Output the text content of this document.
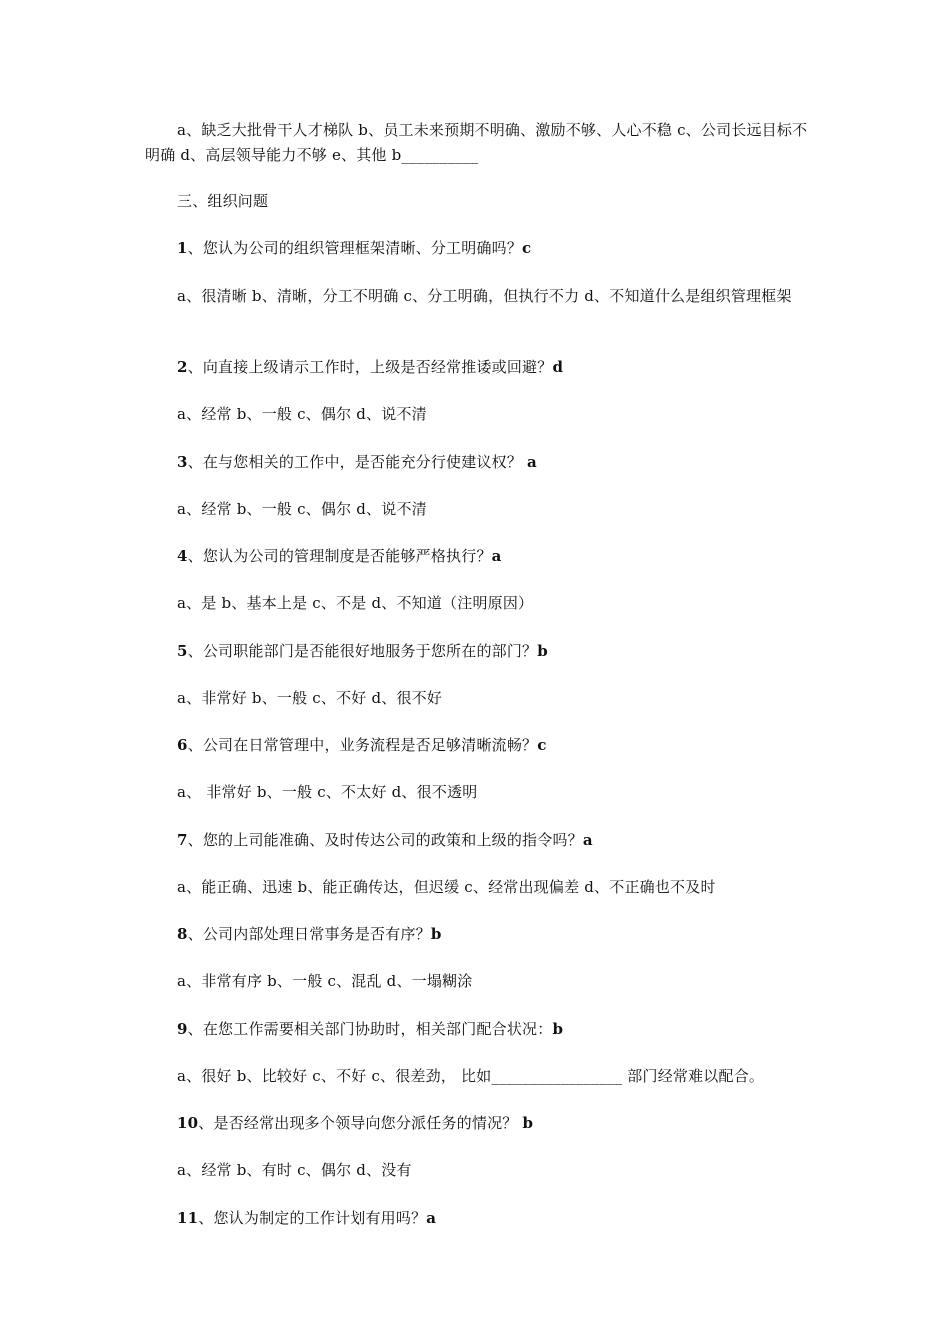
a、缺乏大批骨干人才梯队 b、员工未来预期不明确、激励不够、人心不稳 c、公司长远目标不明确 d、高层领导能力不够 e、其他 b__________
三、组织问题
1、您认为公司的组织管理框架清晰、分工明确吗？c
a、很清晰 b、清晰，分工不明确 c、分工明确，但执行不力 d、不知道什么是组织管理框架
2、向直接上级请示工作时，上级是否经常推诿或回避？d
a、经常 b、一般 c、偶尔 d、说不清
3、在与您相关的工作中，是否能充分行使建议权？ a
a、经常 b、一般 c、偶尔 d、说不清
4、您认为公司的管理制度是否能够严格执行？a
a、是 b、基本上是 c、不是 d、不知道（注明原因）
5、公司职能部门是否能很好地服务于您所在的部门？b
a、非常好 b、一般 c、不好 d、很不好
6、公司在日常管理中，业务流程是否足够清晰流畅？c
a、 非常好 b、一般 c、不太好 d、很不透明
7、您的上司能准确、及时传达公司的政策和上级的指令吗？a
a、能正确、迅速 b、能正确传达，但迟缓 c、经常出现偏差 d、不正确也不及时
8、公司内部处理日常事务是否有序？b
a、非常有序 b、一般 c、混乱 d、一塌糊涂
9、在您工作需要相关部门协助时，相关部门配合状况：b
a、很好 b、比较好 c、不好 c、很差劲， 比如_________________ 部门经常难以配合。
10、是否经常出现多个领导向您分派任务的情况？ b
a、经常 b、有时 c、偶尔 d、没有
11、您认为制定的工作计划有用吗？a
